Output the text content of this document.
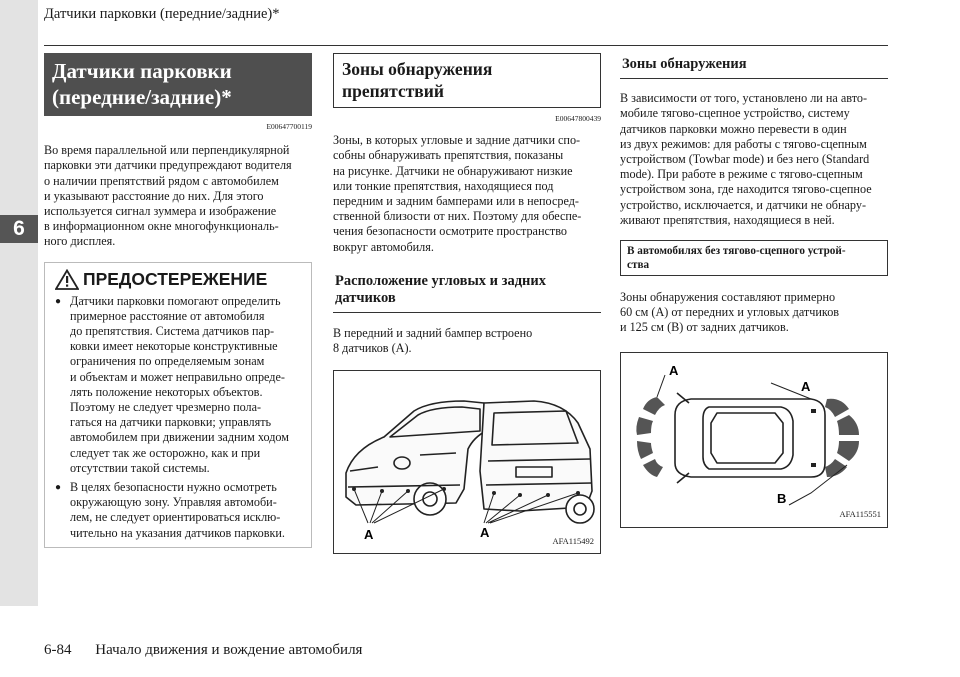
6
Датчики парковки (передние/задние)*
Датчики парковки
(передние/задние)*
E00647700119

Во время параллельной или перпендикулярной
парковки эти датчики предупреждают водителя
о наличии препятствий рядом с автомобилем
и указывают расстояние до них. Для этого
используется сигнал зуммера и изображение
в информационном окне многофункциональ-
ного дисплея.

ПРЕДОСТЕРЕЖЕНИЕ
● Датчики парковки помогают определить
примерное расстояние от автомобиля
до препятствия. Система датчиков пар-
ковки имеет некоторые конструктивные
ограничения по определяемым зонам
и объектам и может неправильно опреде-
лять положение некоторых объектов.
Поэтому не следует чрезмерно пола-
гаться на датчики парковки; управлять
автомобилем при движении задним ходом
следует так же осторожно, как и при
отсутствии такой системы.
● В целях безопасности нужно осмотреть
окружающую зону. Управляя автомоби-
лем, не следует ориентироваться исклю-
чительно на указания датчиков парковки.
Зоны обнаружения
препятствий
E00647800439

Зоны, в которых угловые и задние датчики спо-
собны обнаруживать препятствия, показаны
на рисунке. Датчики не обнаруживают низкие
или тонкие препятствия, находящиеся под
передним и задним бамперами или в непосред-
ственной близости от них. Поэтому для обеспе-
чения безопасности осмотрите пространство
вокруг автомобиля.

Расположение угловых и задних
датчиков

В передний и задний бампер встроено
8 датчиков (A).

A	A
AFA115492
Зоны обнаружения

В зависимости от того, установлено ли на авто-
мобиле тягово-сцепное устройство, систему
датчиков парковки можно перевести в один
из двух режимов: для работы с тягово-сцепным
устройством (Towbar mode) и без него (Standard
mode). При работе в режиме с тягово-сцепным
устройством зона, где находится тягово-сцепное
устройство, исключается, и датчики не обнару-
живают препятствия, находящиеся в ней.

В автомобилях без тягово-сцепного устрой-
ства

Зоны обнаружения составляют примерно
60 см (A) от передних и угловых датчиков
и 125 см (B) от задних датчиков.

A
A
B
AFA115551
6-84 Начало движения и вождение автомобиля
